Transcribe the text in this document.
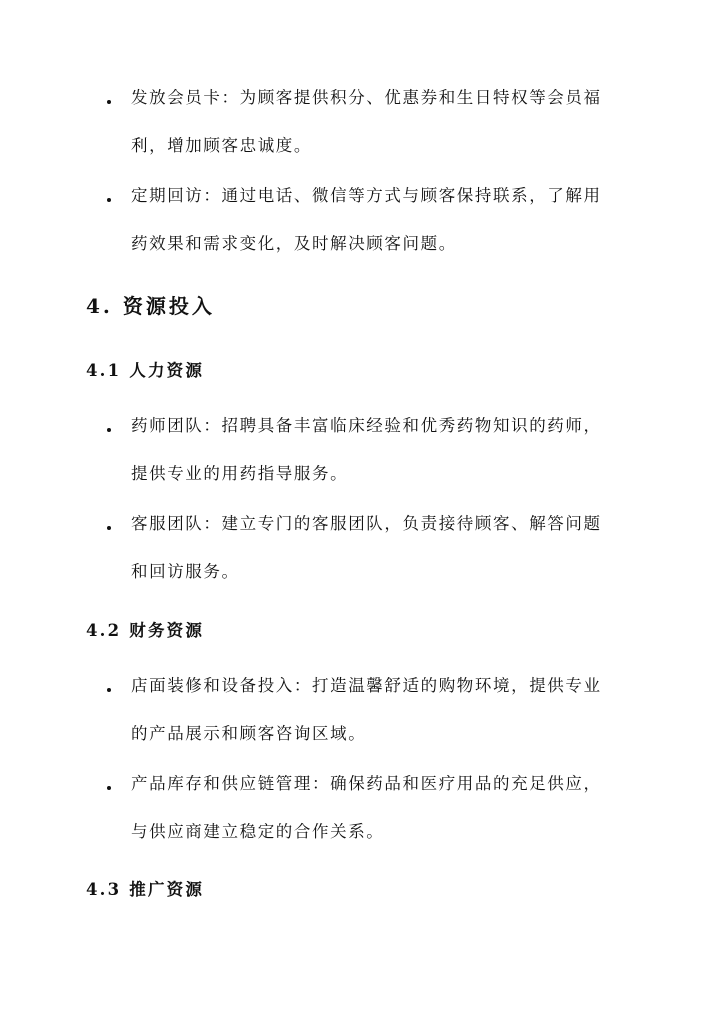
发放会员卡：为顾客提供积分、优惠券和生日特权等会员福利，增加顾客忠诚度。
定期回访：通过电话、微信等方式与顾客保持联系，了解用药效果和需求变化，及时解决顾客问题。
4. 资源投入
4.1 人力资源
药师团队：招聘具备丰富临床经验和优秀药物知识的药师，提供专业的用药指导服务。
客服团队：建立专门的客服团队，负责接待顾客、解答问题和回访服务。
4.2 财务资源
店面装修和设备投入：打造温馨舒适的购物环境，提供专业的产品展示和顾客咨询区域。
产品库存和供应链管理：确保药品和医疗用品的充足供应，与供应商建立稳定的合作关系。
4.3 推广资源
